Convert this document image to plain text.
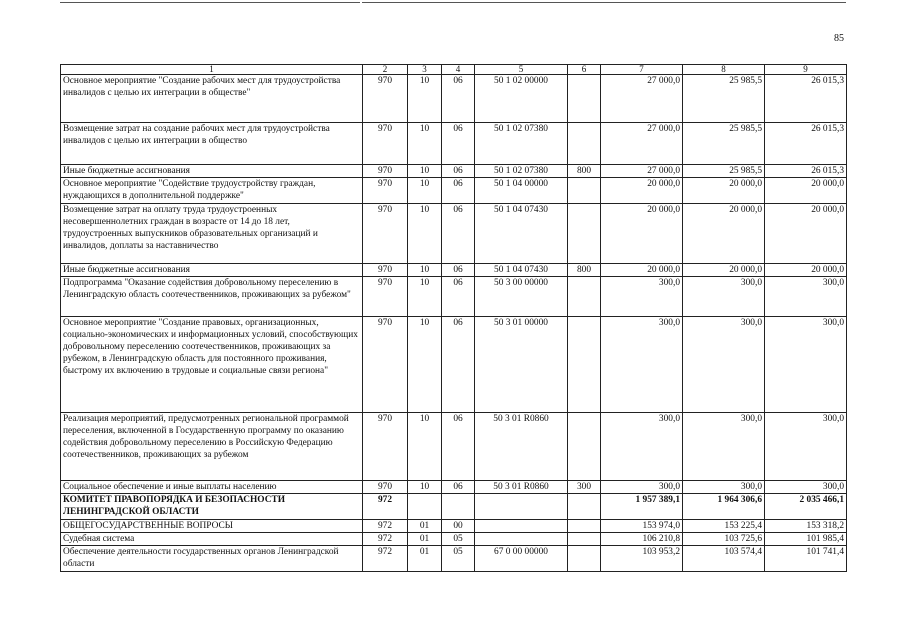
85
1	2	3	4	5	6	7	8	9
Основное мероприятие "Создание рабочих мест для трудоустройства инвалидов с целью их интеграции в обществе"	970	10	06	50 1 02 00000		27 000,0	25 985,5	26 015,3
Возмещение затрат на создание рабочих мест для трудоустройства инвалидов с целью их интеграции в общество	970	10	06	50 1 02 07380		27 000,0	25 985,5	26 015,3
Иные бюджетные ассигнования	970	10	06	50 1 02 07380	800	27 000,0	25 985,5	26 015,3
Основное мероприятие "Содействие трудоустройству граждан, нуждающихся в дополнительной поддержке"	970	10	06	50 1 04 00000		20 000,0	20 000,0	20 000,0
Возмещение затрат на оплату труда трудоустроенных несовершеннолетних граждан в возрасте от 14 до 18 лет, трудоустроенных выпускников образовательных организаций и инвалидов, доплаты за наставничество	970	10	06	50 1 04 07430		20 000,0	20 000,0	20 000,0
Иные бюджетные ассигнования	970	10	06	50 1 04 07430	800	20 000,0	20 000,0	20 000,0
Подпрограмма "Оказание содействия добровольному переселению в Ленинградскую область соотечественников, проживающих за рубежом"	970	10	06	50 3 00 00000		300,0	300,0	300,0
Основное мероприятие "Создание правовых, организационных, социально-экономических и информационных условий, способствующих добровольному переселению соотечественников, проживающих за рубежом, в Ленинградскую область для постоянного проживания, быстрому их включению в трудовые и социальные связи региона"	970	10	06	50 3 01 00000		300,0	300,0	300,0
Реализация мероприятий, предусмотренных региональной программой переселения, включенной в Государственную программу по оказанию содействия добровольному переселению в Российскую Федерацию соотечественников, проживающих за рубежом	970	10	06	50 3 01 R0860		300,0	300,0	300,0
Социальное обеспечение и иные выплаты населению	970	10	06	50 3 01 R0860	300	300,0	300,0	300,0
КОМИТЕТ ПРАВОПОРЯДКА И БЕЗОПАСНОСТИ ЛЕНИНГРАДСКОЙ ОБЛАСТИ	972					1 957 389,1	1 964 306,6	2 035 466,1
ОБЩЕГОСУДАРСТВЕННЫЕ ВОПРОСЫ	972	01	00			153 974,0	153 225,4	153 318,2
Судебная система	972	01	05			106 210,8	103 725,6	101 985,4
Обеспечение деятельности государственных органов Ленинградской области	972	01	05	67 0 00 00000		103 953,2	103 574,4	101 741,4
